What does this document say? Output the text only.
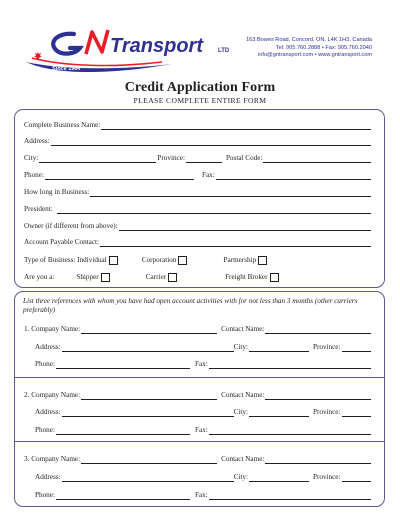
Transport	LTD
Since 1984
163 Bowes Road, Concord, ON, L4K 1H3, Canada
Tel: 905.760.2888 • Fax: 905.760.2040
info@gntransport.com • www.gntransport.com
Credit Application Form
PLEASE COMPLETE ENTIRE FORM
Complete Business Name:
Address:
City:	Province:	Postal Code:
Phone:	Fax:
How long in Business:
President:
Owner (if different from above):
Account Payable Contact:
Type of Business: Individual	Corporation	Partnership
Are you a:	Shipper	Carrier	Freight Broker
List three references with whom you have had open account activities with for not less than 3 months (other carriers preferably)
1. Company Name:	Contact Name:
Address:	City:	Province:
Phone:	Fax:
2. Company Name:	Contact Name:
Address:	City:	Province:
Phone:	Fax:
3. Company Name:	Contact Name:
Address:	City:	Province:
Phone:	Fax:
